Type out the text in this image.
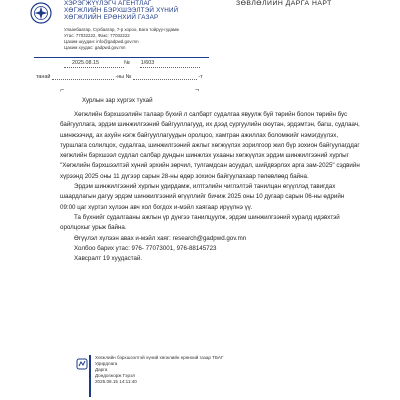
ХЭРЭГЖҮҮЛЭГЧ АГЕНТЛАГ
ХӨГЖЛИЙН БЭРХШЭЭЛТЭЙ ХҮНИЙ
ХӨГЖЛИЙН ЕРӨНХИЙ ГАЗАР
Улаанбаатар, Сүхбаатар, 7-р хороо, Бага тойруу-гудамж
Утас: 77032222, Факс: 77032222
Цахим шуудан: info@gadpwd.gov.mn
Цахим хуудас: gadpwd.gov.mn
ЗӨВЛӨЛИЙН ДАРГА НАРТ
2025.08.15	№ 1/603
танай	-ны №	-т
⌐	¬
Хурлын зар хүргэх тухай

Хөгжлийн бэрхшээлийн талаар бүхий л салбарт судалгаа явуулж буй төрийн болон төрийн бус байгууллага, эрдэм шинжилгээний байгууллагууд, их дээд сургуулийн оюутан, эрдэмтэн, багш, судлаач, шинжээчид, ах ахуйн нэгж байгууллагуудын оролцоо, хамтран ажиллах боломжийг нэмэгдүүлэх, туршлага солилцох, судалгаа, шинжилгээний ажлыг хөгжүүлэх зорилгоор жил бүр зохион байгуулагддаг хөгжлийн бэрхшээл судлал салбар дундын шинжлэх ухааны хөгжүүлэх эрдэм шинжилгээний хурлыг "Хөгжлийн бэрхшээлтэй хүний эрхийн зөрчил, тулгамдсан асуудал, шийдвэрлэх арга зам-2025" сэдвийн хүрээнд 2025 оны 11 дүгээр сарын 28-ны өдөр зохион байгуулахаар төлөвлөөд байна.

Эрдэм шинжилгээний хурлын удирдамж, илтгэлийн чиглэлтэй танилцан өгүүллэд тавигдах шаардлагын дагуу эрдэм шинжилгээний өгүүллийг бичиж 2025 оны 10 дугаар сарын 06-ны өдрийн 09:00 цаг хүртэл хүлээн авч хол богдох и-мэйл хаягаар ирүүлнэ үү.

Та бүхнийг судалгааны ажлын үр дүнгээ танилцуулж, эрдэм шинжилгээний хуралд идэвхтэй оролцохыг урьж байна.

Өгүүлэл хүлээн авах и-мэйл хаяг: research@gadpwd.gov.mn

Холбоо барих утас: 976- 77073001, 976-88145723

Хавсралт 19 хуудастай.

Хөгжлийн бэрхшээлтэй хүний хөгжлийн ерөнхий газар ТБАГ
Удирдлага
Дарга
Дондогжорж Гэрэл
2025.08.15 14:11:40
